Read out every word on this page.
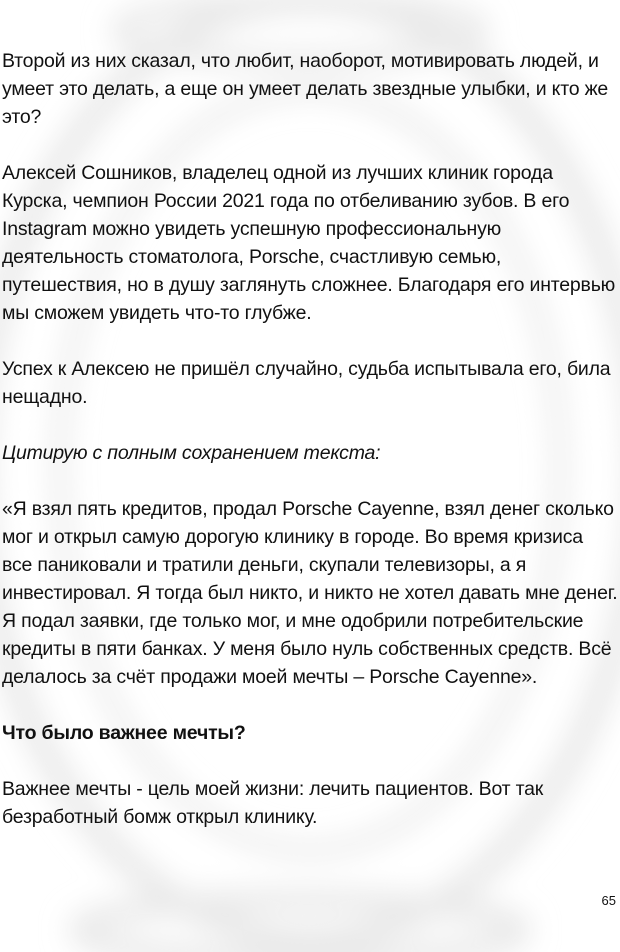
Второй из них сказал, что любит, наоборот, мотивировать людей, и умеет это делать, а еще он умеет делать звездные улыбки, и кто же это?

Алексей Сошников, владелец одной из лучших клиник города Курска, чемпион России 2021 года по отбеливанию зубов. В его Instagram можно увидеть успешную профессиональную деятельность стоматолога, Porsche, счастливую семью, путешествия, но в душу заглянуть сложнее. Благодаря его интервью мы сможем увидеть что-то глубже.

Успех к Алексею не пришёл случайно, судьба испытывала его, била нещадно.

Цитирую с полным сохранением текста:

«Я взял пять кредитов, продал Porsche Cayenne, взял денег сколько мог и открыл самую дорогую клинику в городе. Во время кризиса все паниковали и тратили деньги, скупали телевизоры, а я инвестировал. Я тогда был никто, и никто не хотел давать мне денег. Я подал заявки, где только мог, и мне одобрили потребительские кредиты в пяти банках. У меня было нуль собственных средств. Всё делалось за счёт продажи моей мечты – Porsche Cayenne».

Что было важнее мечты?

Важнее мечты - цель моей жизни: лечить пациентов. Вот так безработный бомж открыл клинику.

65
